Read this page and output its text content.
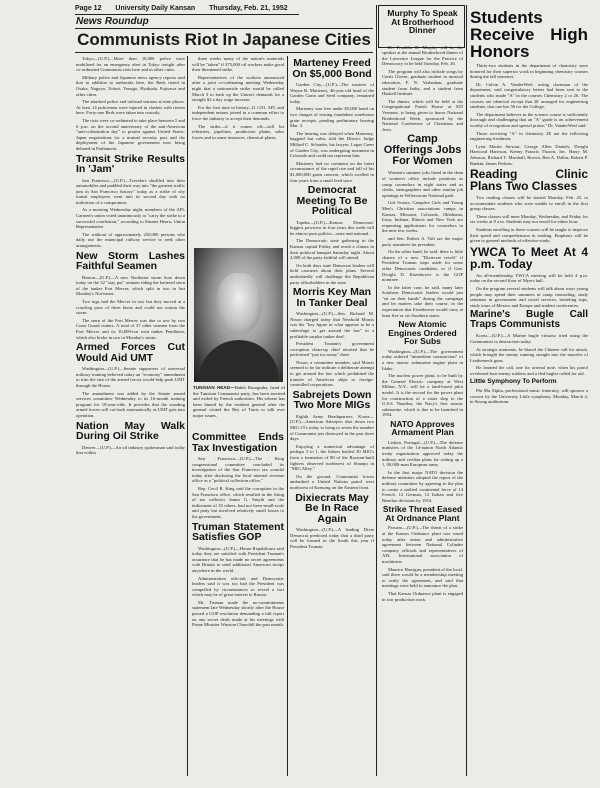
Page 12 University Daily Kansan Thursday, Feb. 21, 1952
News Roundup
Communists Riot In Japanese Cities

Tokyo—(U.P.)—More than 10,000 police were mobilized for an emergency alert in Tokyo tonight after co-ordinated Communist riots here and in other cities.

Military police and Japanese news agency reports said that in addition to outbreaks here, the Reds rioted in Osaka, Nagoya, Tottori, Yonago, Hyakuda, Fujisawa and other cities.

The attacked police and railroad stations at nine places. At least 14 policemen were injured in clashes with rioters here. Forty-one Reds were taken into custody.

The riots were co-ordinated to take place between 5 and 6 p.m. on the second anniversary of the anti-American "anti-colonization day" to protest against United States-Japan negotiations for a mutual security pact and the deployment of the Japanese government now being debated in Parliament.

Transit Strike Results In 'Jam'

San Francisco—(U.P.)—Travelers shuffled into their automobiles and paddled their way into "the greatest traffic jam in San Francisco history" today as a strike of city transit employees went into its second day with no indication of a compromise.

As a morning Wednesday night, members of the AFL Carmen's union voted unanimously to "carry the strike to a successful conclusion," according to Emmet Hearn, Union Representative.

The walkout of approximately 250,000 persons who daily use the municipal railway service to seek other arrangements.

New Storm Lashes Faithful Seamen

Boston—(U.P.)—A new Northeast storm bore down today on the 32 "stay put" seamen riding the battered stern of the tanker Fort Mercer, which split in two in last Monday's Nor'easter.

Two tugs had the Mercer in tow but they moved at a crawling pace of three knots and could not outrun the storm.

The stern of the Fort Mercer was due to tow by two Coast Guard cutters. A total of 37 other seamen from the Fort Mercer and its 10,000-ton twin tanker Pendleton, which also broke in two in Monday's storm.

Armed Forces Cut Would Aid UMT

Washington—(U.P.)—Senate supporters of universal military training believed today an "economy" amendment to trim the size of the armed forces would help push UMT through the House.

The amendment was added by the Senate armed services committee Wednesday to its 16-month training program for 18-year-olds. It provides that the standing armed forces will cut back automatically as UMT gets into operation.

Nation May Walk During Oil Strike

Denver—(U.P.)—An oil industry spokesman said today that within

three weeks many of the nation's materials will be "taken" if 375,000 oil workers make good their threatened strike.

Representatives of the workers announced after a joint co-ordinating meeting Wednesday night that a nationwide strike would be called March 3 to back up the Union's demands for a straight $2 a day wage increase.

For the first time in history, 21 CIO, AFL and independent unions joined in a common effort to force the industry to accept their demands.

The strike—if it comes off—will hit refineries, pipelines, production plants, sales forces and in some instances, chemical plants.

TUNISIAN HEAD—Habib Bourguiba, head of the Tunisian Communist party, has been arrested and exiled by French authorities. His release has been hinted by the resident general after the general visited the Bey of Tunis to talk over major issues.
Committee Ends Tax Investigation

San Francisco—(U.P.)—The King congressional committee concluded its investigation of the San Francisco tax scandal today after disclosing the local internal revenue office as a "political collection office."

Rep. Cecil R. King said the corruption in the San Francisco office, which resulted in the firing of tax collector James G. Smyth and the indictment of 10 others, had not been small-scale and petty but involved relatively small losses to the government.

Truman Statement Satisfies GOP

Washington—(U.P.)—House Republicans said today they are satisfied with President Truman's assurance that he has made no secret agreements with Britain to send additional American troops anywhere in the world.

Administration officials and Democratic leaders said it was too bad the President was compelled by circumstances to reveal a fact which may be of great interest to Russia.

Mr. Truman made the no-commitments statement late Wednesday shortly after the House passed a GOP resolution demanding a full report on any secret deals made at his meetings with Prime Minister Winston Churchill the past month.

Marteney Freed On $5,000 Bond

Garden City—(U.P.)—The trustees of Wayne B. Marteney, 46-year-old head of the Garden Grain and Seed company, remained today.

Marteney was free under $5,000 bond on two charges of issuing fraudulent warehouse grain receipts, pending preliminary hearing Mar. 3.

The hearing was delayed when Marteney, haggard but calm, told the District Judge Millard C. Schrader, his lawyer, Legus Greer of Garden City, was undergoing treatment in Colorado and could not represent him.

Marteney had no comment on the latest circumstance of the rapid rise and fall of his $1,000,000 grain concern, which swelled in four years from a small feed store.

Democrat Meeting To Be Political

Topeka—(U.P.)—Kansas Democrats' biggest powwow in four years this week will be almost pure politics—state and national.

The Democratic state gathering in the Kansas capital Friday and reach a climax in their political banquet Saturday night. About 2,000 of the party faithful will attend.

On both days state Democrat leaders will hold caucuses about their plans. Several undoubtedly will challenge the Republican party officeholders in the state.

Morris Key Man In Tanker Deal

Washington—(U.P.)—Sen. Richard M. Nixon charged today that Newbold Morris was the "key figure in what appears to be a subterfuge to get around the law" in a profitable surplus tanker deal.

President Truman's government corruption clean-up chief retorted that he performed "just too many" there

Nixon, a committee member, said Morris seemed to be for indicate a deliberate attempt to get around the law which prohibited the transfer of American ships to foreign-controlled corporations.

Sabrejets Down Two More MIGs

Eighth Army Headquarters, Korea—(U.P.)—American Sabrejets shot down two MIG-15's today to bring to seven the number of Communist jets destroyed in the past three days.

Enjoying a numerical advantage of perhaps 3 to 1, the Sabres battled 30 MIG's from a formation of 80 of the Russian-built fighters observed northwest of Sinanju in "MIG Alley."

On the ground, Communist forces ambushed a United Nations patrol west northwest of Kansong on the Eastern front.

Dixiecrats May Be In Race Again

Washington—(U.P.)—A leading Dixie Democrat predicted today that a third party will be formed in the South this year if President Truman

Murphy To Speak At Brotherhood Dinner

Dr. Franklin D. Murphy will be the speaker at the annual Brotherhood dinner of the Lawrence League for the Practice of Democracy to be held Tuesday, Feb. 26.

The program will also include songs by Curtis Glover, graduate student in musical education, F. N. Varlanhan, graduate student from India, and a student from Haskell Institute.

The dinner, which will be held at the Congregational Parish House at 825 Vermont, is being given to honor National Brotherhood Week, sponsored by the National Conference of Christians and Jews.

Camp Offerings Jobs For Women

Women's summer jobs listed in the dean of women's office include positions as camp counselors in eight states and as clerks, stenographers and other similar job openings in Yellowstone National park.

Girl Scouts, Campfire Girls and Young Men's Christian associations camps in Kansas, Missouri, Colorado, Oklahoma, Iowa, Indiana, Illinois and New York are requesting applications for counselors in the next few weeks.

and Sen. Robert A. Taft are the major party nominees for president.

On the other hand, he said, there is little chance of a new "Dixiecrat revolt" if President Truman steps aside for some other Democratic candidate, or if Gen. Dwight D. Eisenhower is the GOP nominee.

In the latter case, he said, many later Southern Democratic leaders would just "sit on their hands" during the campaign and let matters take their course, in the expectation that Eisenhower would carry at least five or six Southern states.

New Atomic Engines Ordered For Subs

Washington—(U.P.)—The government today ordered "immediate construction" of a new atomic submarine engine plant in Idaho.

The nuclear power plant, to be built by the General Electric company at West Milton, N.Y., will be a land-based pilot model. It is the second for the power plant for construction of a sister ship to the U.S.S. Nautilus, the Navy's first atomic submarine, which is due to be launched in 1954.

NATO Approves Armament Plan

Lisbon, Portugal—(U.P.)—The defense ministers of the 14-nation North Atlantic treaty organization approved today the military and civilian plans for setting up a 1, 00,000-man European army.

In the first major NATO decision the defense ministers adopted the report of the military committee by agreeing to the plan to create a unified continental force of 14 French, 12 German, 12 Italian and five Benelux divisions by 1954.

Strike Threat Eased At Ordnance Plant

Parsons—(U.P.)—The threat of a strike at the Kansas Ordnance plant was eased today after union and administrative agreement between National Cylinder company officials and representatives of AFL International association of machinists.

Maurice Harrigan, president of the local, said there would be a membership meeting to ratify the agreement, and said that meetings were held to announce the plan.

That Kansas Ordnance plant is engaged in war production work.

Students Receive High Honors

Thirty-two students in the department of chemistry were honored for their superior work in beginning chemistry courses during the fall semester.

Dr. Calvin A. VanderWerf, acting chairman of the department, said congratulatory letters had been sent to the students who made "A" in the courses Chemistry 2 or 26. The courses are identical except that 2E arranged for engineering students, that one has 56 for the College.

The department believes in the science course is sufficiently thorough and challenging that an "A" grade is an achievement worthy of recognition and special praise," Dr. VanderWerf said.

Those receiving "A" in chemistry 2E are the following engineering freshmen:

Lyon Martin Stewart, George Allen Daniels, Dwight Harwood Harrison, Kenny Francis Thoorn, Inc. Harry M. Johnson, Richard T. Marshall, Brown, Ben A. Dallas, Robert P. Rankin, James Perkins.

Reading Clinic Plans Two Classes

Two reading classes will be started Monday, Feb. 25, to accommodate students who were unable to enroll in the first group classes.

These classes will meet Monday, Wednesday, and Friday for six weeks at 9 a.m. Students may not enroll for either hour.

Students enrolling in these courses will be taught to improve their speed and comprehension in reading. Emphasis will be given to general methods of effective study.

YWCA To Meet At 4 p.m. Today

An all-membership YWCA meeting will be held 4 p.m. today on the second floor of Myers hall.

On the program several students will talk about ways young people may spend their summers in camp counseling, study seminars in government and social services, hosteling trips, study tours of Mexico and Europe and student conferences.

Marine's Bugle Call Traps Communists

Korea—(U.P.)—A Marine bugle virtuoso tried using the Communists to destruction today.

At strategic moments, he blared the Chinese call for attack, which brought the enemy running straight into the muzzles of Leatherneck guns.

He learned the call, one for arsenal note, when his patrol overheard four enemy soldiers and a fled bugler called for aid.

Little Symphony To Perform

Phi Mu Alpha, professional music fraternity, will sponsor a concert by the University Little symphony, Monday, March 4, in Strong auditorium.
